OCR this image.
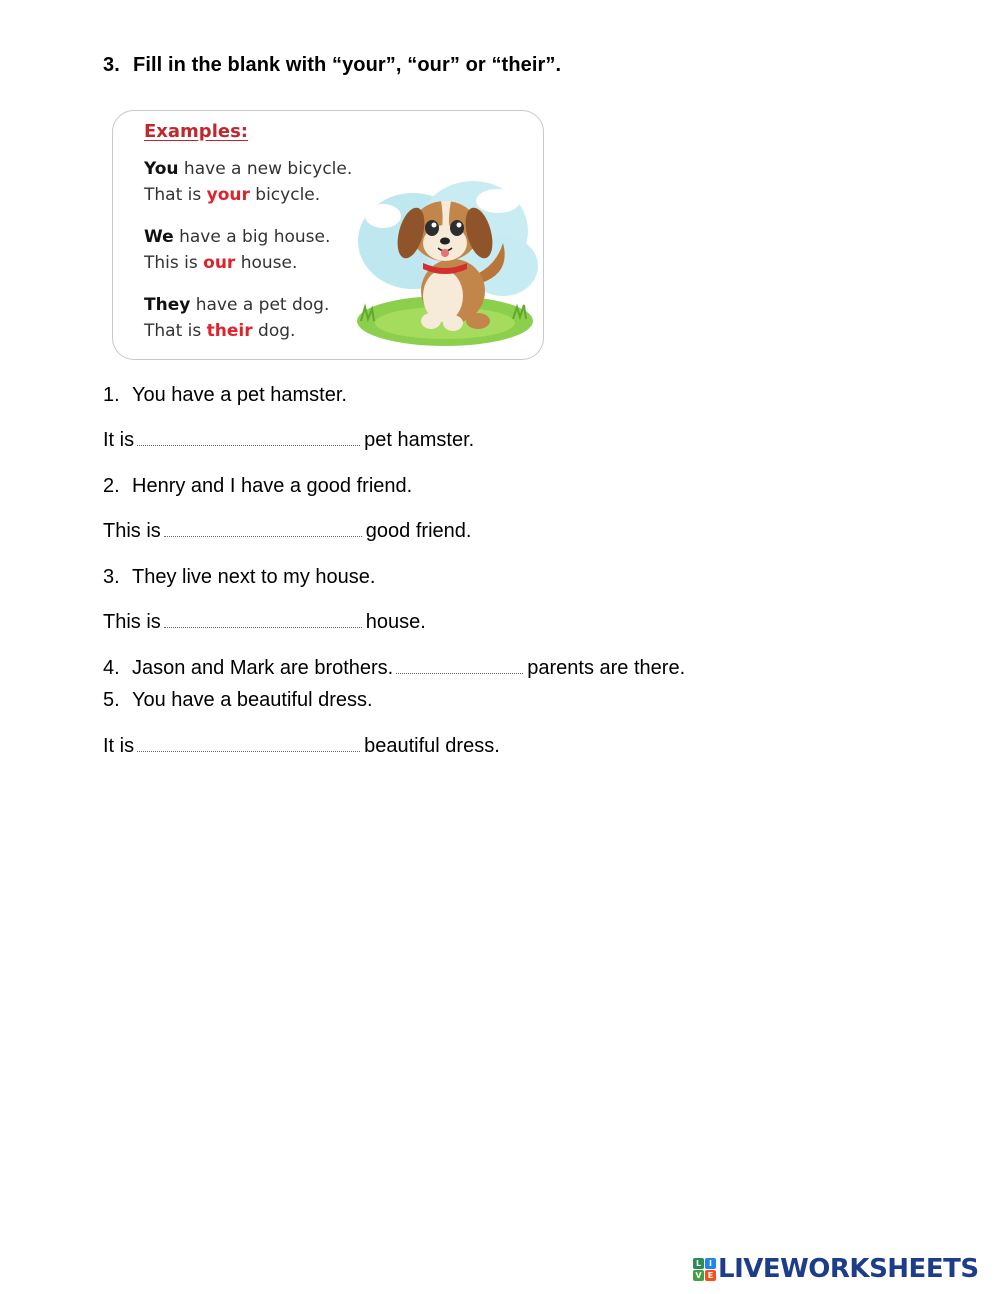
3. Fill in the blank with “your”, “our” or “their”.
Examples:
You have a new bicycle.
That is your bicycle.
We have a big house.
This is our house.
They have a pet dog.
That is their dog.
1. You have a pet hamster.
It is	pet hamster.
2. Henry and I have a good friend.
This is	good friend.
3. They live next to my house.
This is	house.
4. Jason and Mark are brothers.	parents are there.
5. You have a beautiful dress.
It is	beautiful dress.
L I
V E LIVEWORKSHEETS
